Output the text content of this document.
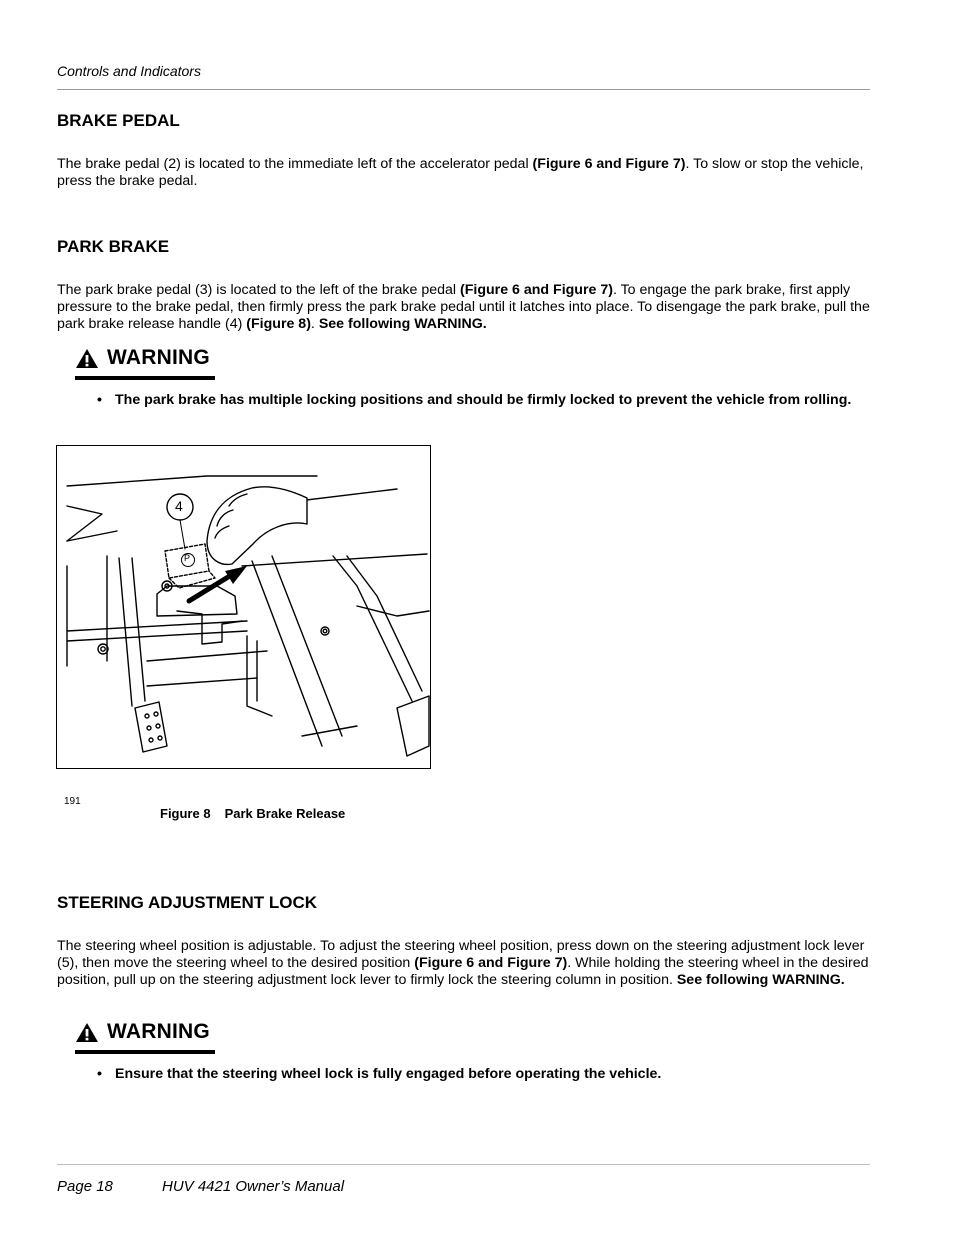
Controls and Indicators
BRAKE PEDAL
The brake pedal (2) is located to the immediate left of the accelerator pedal (Figure 6 and Figure 7). To slow or stop the vehicle, press the brake pedal.
PARK BRAKE
The park brake pedal (3) is located to the left of the brake pedal (Figure 6 and Figure 7). To engage the park brake, first apply pressure to the brake pedal, then firmly press the park brake pedal until it latches into place. To disengage the park brake, pull the park brake release handle (4) (Figure 8). See following WARNING.
WARNING
• The park brake has multiple locking positions and should be firmly locked to prevent the vehicle from rolling.
4
P
191
Figure 8 Park Brake Release
STEERING ADJUSTMENT LOCK
The steering wheel position is adjustable. To adjust the steering wheel position, press down on the steering adjustment lock lever (5), then move the steering wheel to the desired position (Figure 6 and Figure 7). While holding the steering wheel in the desired position, pull up on the steering adjustment lock lever to firmly lock the steering column in position. See following WARNING.
WARNING
• Ensure that the steering wheel lock is fully engaged before operating the vehicle.
Page 18	HUV 4421 Owner’s Manual
